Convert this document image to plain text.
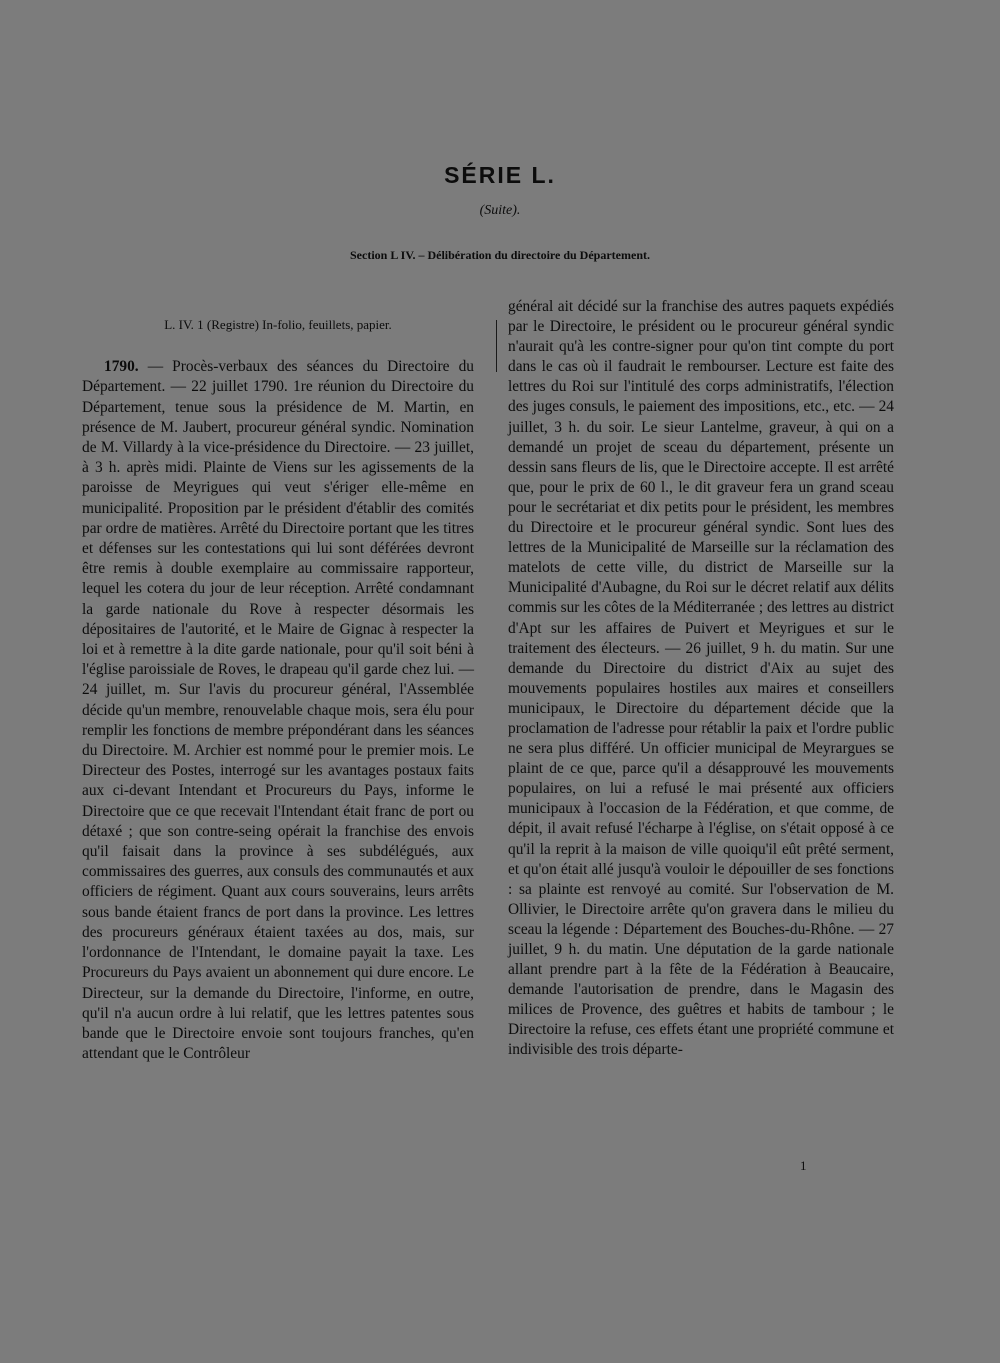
SÉRIE L.
(Suite).
Section L IV. – Délibération du directoire du Département.
L. IV. 1 (Registre) In-folio, feuillets, papier.

1790. — Procès-verbaux des séances du Directoire du Département. — 22 juillet 1790. 1re réunion du Directoire du Département, tenue sous la présidence de M. Martin, en présence de M. Jaubert, procureur général syndic. Nomination de M. Villardy à la vice-présidence du Directoire. — 23 juillet, à 3 h. après midi. Plainte de Viens sur les agissements de la paroisse de Meyrigues qui veut s'ériger elle-même en municipalité. Proposition par le président d'établir des comités par ordre de matières. Arrêté du Directoire portant que les titres et défenses sur les contestations qui lui sont déférées devront être remis à double exemplaire au commissaire rapporteur, lequel les cotera du jour de leur réception. Arrêté condamnant la garde nationale du Rove à respecter désormais les dépositaires de l'autorité, et le Maire de Gignac à respecter la loi et à remettre à la dite garde nationale, pour qu'il soit béni à l'église paroissiale de Roves, le drapeau qu'il garde chez lui. — 24 juillet, m. Sur l'avis du procureur général, l'Assemblée décide qu'un membre, renouvelable chaque mois, sera élu pour remplir les fonctions de membre prépondérant dans les séances du Directoire. M. Archier est nommé pour le premier mois. Le Directeur des Postes, interrogé sur les avantages postaux faits aux ci-devant Intendant et Procureurs du Pays, informe le Directoire que ce que recevait l'Intendant était franc de port ou détaxé ; que son contre-seing opérait la franchise des envois qu'il faisait dans la province à ses subdélégués, aux commissaires des guerres, aux consuls des communautés et aux officiers de régiment. Quant aux cours souverains, leurs arrêts sous bande étaient francs de port dans la province. Les lettres des procureurs généraux étaient taxées au dos, mais, sur l'ordonnance de l'Intendant, le domaine payait la taxe. Les Procureurs du Pays avaient un abonnement qui dure encore. Le Directeur, sur la demande du Directoire, l'informe, en outre, qu'il n'a aucun ordre à lui relatif, que les lettres patentes sous bande que le Directoire envoie sont toujours franches, qu'en attendant que le Contrôleur

général ait décidé sur la franchise des autres paquets expédiés par le Directoire, le président ou le procureur général syndic n'aurait qu'à les contre-signer pour qu'on tint compte du port dans le cas où il faudrait le rembourser. Lecture est faite des lettres du Roi sur l'intitulé des corps administratifs, l'élection des juges consuls, le paiement des impositions, etc., etc. — 24 juillet, 3 h. du soir. Le sieur Lantelme, graveur, à qui on a demandé un projet de sceau du département, présente un dessin sans fleurs de lis, que le Directoire accepte. Il est arrêté que, pour le prix de 60 l., le dit graveur fera un grand sceau pour le secrétariat et dix petits pour le président, les membres du Directoire et le procureur général syndic. Sont lues des lettres de la Municipalité de Marseille sur la réclamation des matelots de cette ville, du district de Marseille sur la Municipalité d'Aubagne, du Roi sur le décret relatif aux délits commis sur les côtes de la Méditerranée ; des lettres au district d'Apt sur les affaires de Puivert et Meyrigues et sur le traitement des électeurs. — 26 juillet, 9 h. du matin. Sur une demande du Directoire du district d'Aix au sujet des mouvements populaires hostiles aux maires et conseillers municipaux, le Directoire du département décide que la proclamation de l'adresse pour rétablir la paix et l'ordre public ne sera plus différé. Un officier municipal de Meyrargues se plaint de ce que, parce qu'il a désapprouvé les mouvements populaires, on lui a refusé le mai présenté aux officiers municipaux à l'occasion de la Fédération, et que comme, de dépit, il avait refusé l'écharpe à l'église, on s'était opposé à ce qu'il la reprit à la maison de ville quoiqu'il eût prêté serment, et qu'on était allé jusqu'à vouloir le dépouiller de ses fonctions : sa plainte est renvoyé au comité. Sur l'observation de M. Ollivier, le Directoire arrête qu'on gravera dans le milieu du sceau la légende : Département des Bouches-du-Rhône. — 27 juillet, 9 h. du matin. Une députation de la garde nationale allant prendre part à la fête de la Fédération à Beaucaire, demande l'autorisation de prendre, dans le Magasin des milices de Provence, des guêtres et habits de tambour ; le Directoire la refuse, ces effets étant une propriété commune et indivisible des trois départe-

1
